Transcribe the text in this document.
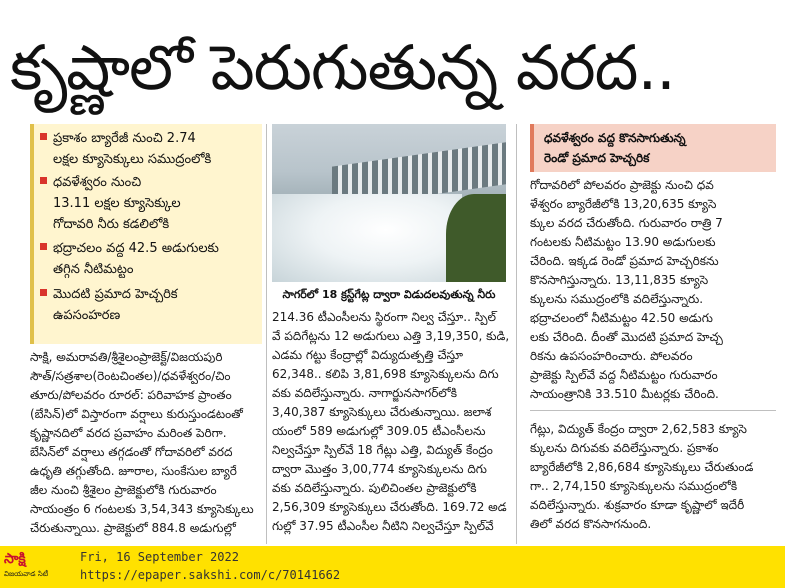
కృష్ణాలో పెరుగుతున్న వరద..
ప్రకాశం బ్యారేజీ నుంచి 2.74
లక్షల క్యూసెక్కులు సముద్రంలోకి
ధవళేశ్వరం నుంచి
13.11 లక్షల క్యూసెక్కుల
గోదావరి నీరు కడలిలోకి
భద్రాచలం వద్ద 42.5 అడుగులకు
తగ్గిన నీటిమట్టం
మొదటి ప్రమాద హెచ్చరిక
ఉపసంహరణ
సాగర్‌లో 18 క్రస్ట్‌గేట్ల ద్వారా విడుదలవుతున్న నీరు
సాక్షి, అమరావతి/శ్రీశైలంప్రాజెక్ట్/విజయపురి
సౌత్/సత్రశాల(రెంటచింతల)/ధవళేశ్వరం/చిం
తూరు/పోలవరం రూరల్: పరివాహక ప్రాంతం
(బేసిన్)లో విస్తారంగా వర్షాలు కురుస్తుండటంతో
కృష్ణానదిలో వరద ప్రవాహం మరింత పెరిగా.
బేసిన్‌లో వర్షాలు తగ్గడంతో గోదావరిలో వరద
ఉధృతి తగ్గుతోంది. జూరాల, సుంకేసుల బ్యారే
జీల నుంచి శ్రీశైలం ప్రాజెక్టులోకి గురువారం
సాయంత్రం 6 గంటలకు 3,54,343 క్యూసెక్కులు
చేరుతున్నాయి. ప్రాజెక్టులో 884.8 అడుగుల్లో
214.36 టీఎంసీలను స్థిరంగా నిల్వ చేస్తూ.. స్పిల్
వే పదిగేట్లను 12 అడుగులు ఎత్తి 3,19,350, కుడి,
ఎడమ గట్టు కేంద్రాల్లో విద్యుదుత్పత్తి చేస్తూ
62,348.. కలిపి 3,81,698 క్యూసెక్కులను దిగు
వకు వదిలేస్తున్నారు. నాగార్జునసాగర్‌లోకి
3,40,387 క్యూసెక్కులు చేరుతున్నాయి. జలాశ
యంలో 589 అడుగుల్లో 309.05 టీఎంసీలను
నిల్వచేస్తూ స్పిల్‌వే 18 గేట్లు ఎత్తి, విద్యుత్ కేంద్రం
ద్వారా మొత్తం 3,00,774 క్యూసెక్కులను దిగు
వకు వదిలేస్తున్నారు. పులిచింతల ప్రాజెక్టులోకి
2,56,309 క్యూసెక్కులు చేరుతోంది. 169.72 అడ
గుల్లో 37.95 టీఎంసీల నీటిని నిల్వచేస్తూ స్పిల్‌వే
ధవళేశ్వరం వద్ద కొనసాగుతున్న
రెండో ప్రమాద హెచ్చరిక
గోదావరిలో పోలవరం ప్రాజెక్టు నుంచి ధవ
ళేశ్వరం బ్యారేజీలోకి 13,20,635 క్యూసె
క్కుల వరద చేరుతోంది. గురువారం రాత్రి 7
గంటలకు నీటిమట్టం 13.90 అడుగులకు
చేరింది. ఇక్కడ రెండో ప్రమాద హెచ్చరికను
కొనసాగిస్తున్నారు. 13,11,835 క్యూసె
క్కులను సముద్రంలోకి వదిలేస్తున్నారు.
భద్రాచలంలో నీటిమట్టం 42.50 అడుగు
లకు చేరింది. దీంతో మొదటి ప్రమాద హెచ్చ
రికను ఉపసంహరించారు. పోలవరం
ప్రాజెక్టు స్పిల్‌వే వద్ద నీటిమట్టం గురువారం
సాయంత్రానికి 33.510 మీటర్లకు చేరింది.
గేట్లు, విద్యుత్ కేంద్రం ద్వారా 2,62,583 క్యూసె
క్కులను దిగువకు వదిలేస్తున్నారు. ప్రకాశం
బ్యారేజీలోకి 2,86,684 క్యూసెక్కులు చేరుతుండ
గా.. 2,74,150 క్యూసెక్కులను సముద్రంలోకి
వదిలేస్తున్నారు. శుక్రవారం కూడా కృష్ణాలో ఇదేరీ
తిలో వరద కొనసాగనుంది.
సాక్షి
విజయవాడ సిటీ
Fri, 16 September 2022
https://epaper.sakshi.com/c/70141662
